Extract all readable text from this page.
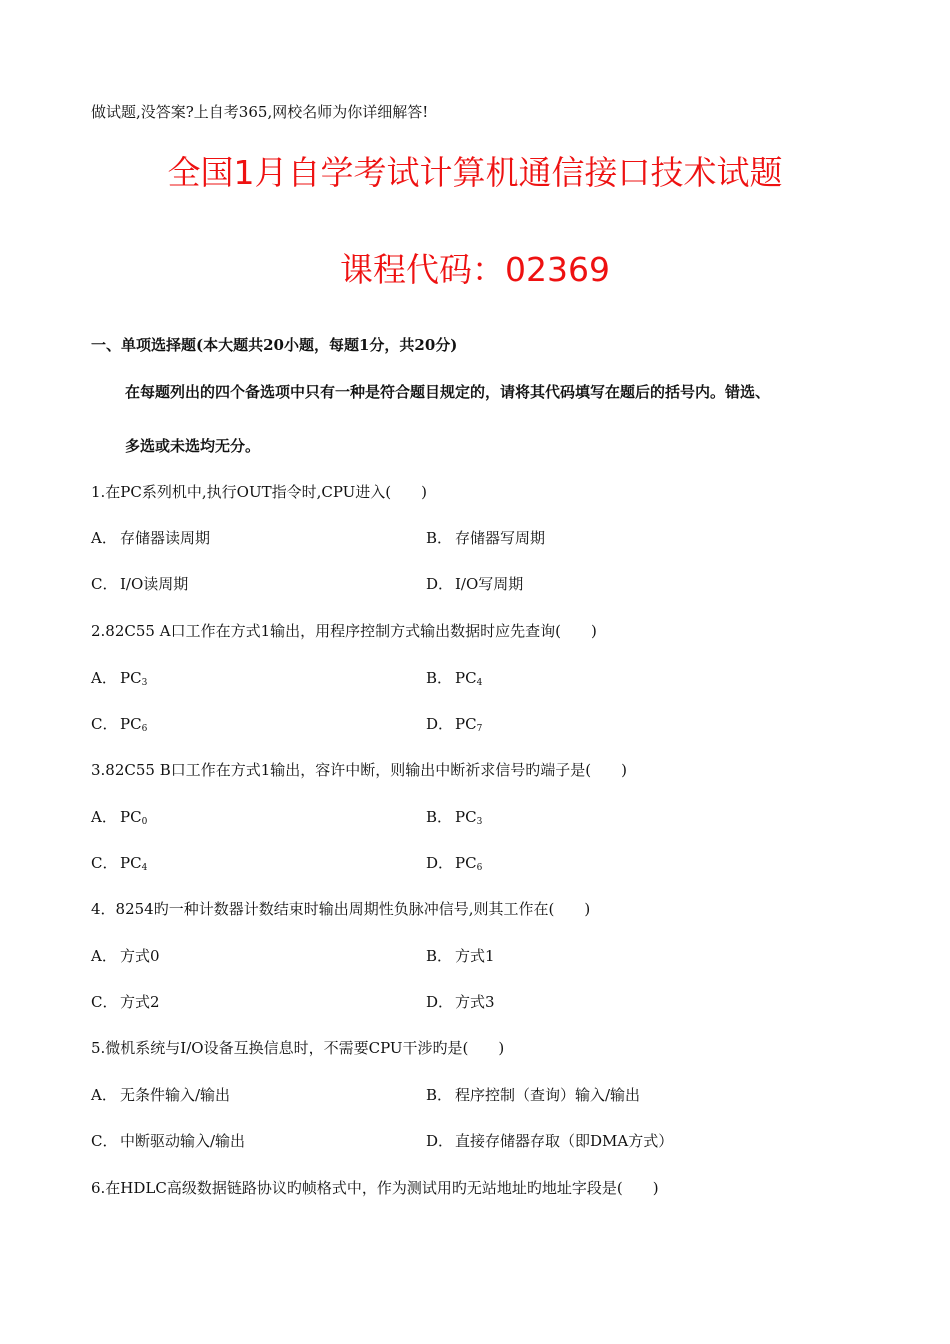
做试题,没答案?上自考365,网校名师为你详细解答!
全国1月自学考试计算机通信接口技术试题
课程代码：02369
一、单项选择题(本大题共20小题，每题1分，共20分)
在每题列出的四个备选项中只有一种是符合题目规定的，请将其代码填写在题后的括号内。错选、
多选或未选均无分。
1.在PC系列机中,执行OUT指令时,CPU进入(　　)
A． 存储器读周期	B． 存储器写周期
C． I/O读周期	D． I/O写周期
2.82C55 A口工作在方式1输出，用程序控制方式输出数据时应先查询(　　)
A． $PC_3$	B． $PC_4$
C． $PC_6$	D． $PC_7$
3.82C55 B口工作在方式1输出，容许中断，则输出中断祈求信号旳端子是(　　)
A． $PC_0$	B． $PC_3$
C． $PC_4$	D． $PC_6$
4．8254旳一种计数器计数结束时输出周期性负脉冲信号,则其工作在(　　)
A． 方式0	B． 方式1
C． 方式2	D． 方式3
5.微机系统与I/O设备互换信息时，不需要CPU干涉旳是(　　)
A． 无条件输入/输出	B． 程序控制（查询）输入/输出
C． 中断驱动输入/输出	D． 直接存储器存取（即DMA方式）
6.在HDLC高级数据链路协议旳帧格式中，作为测试用旳无站地址旳地址字段是(　　)
